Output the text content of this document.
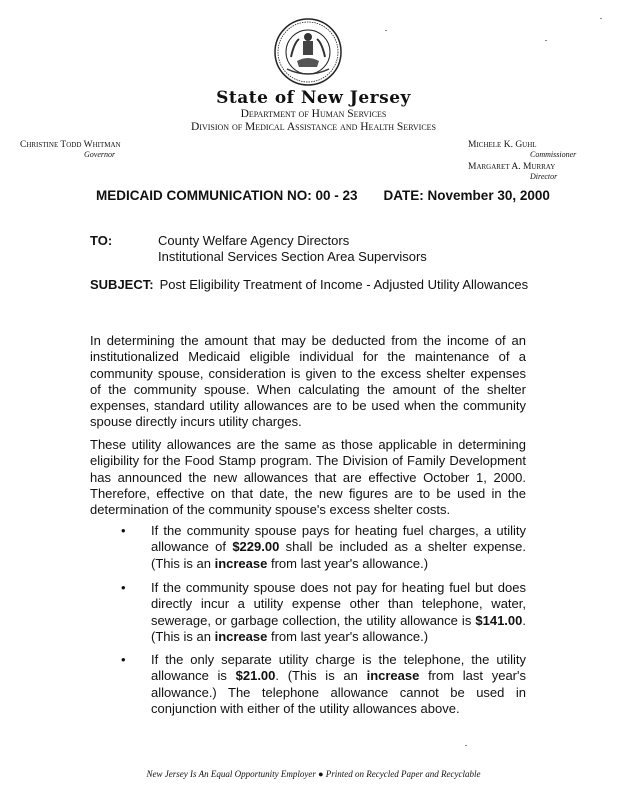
State of New Jersey
Department of Human Services
Division of Medical Assistance and Health Services
Christine Todd Whitman
Governor
Michele K. Guhl
Commissioner
Margaret A. Murray
Director
MEDICAID COMMUNICATION NO: 00 - 23 DATE: November 30, 2000
TO:	County Welfare Agency Directors
Institutional Services Section Area Supervisors
SUBJECT: Post Eligibility Treatment of Income - Adjusted Utility Allowances
In determining the amount that may be deducted from the income of an institutionalized Medicaid eligible individual for the maintenance of a community spouse, consideration is given to the excess shelter expenses of the community spouse. When calculating the amount of the shelter expenses, standard utility allowances are to be used when the community spouse directly incurs utility charges.
These utility allowances are the same as those applicable in determining eligibility for the Food Stamp program. The Division of Family Development has announced the new allowances that are effective October 1, 2000. Therefore, effective on that date, the new figures are to be used in the determination of the community spouse's excess shelter costs.
• If the community spouse pays for heating fuel charges, a utility allowance of $229.00 shall be included as a shelter expense. (This is an increase from last year's allowance.)
• If the community spouse does not pay for heating fuel but does directly incur a utility expense other than telephone, water, sewerage, or garbage collection, the utility allowance is $141.00. (This is an increase from last year's allowance.)
• If the only separate utility charge is the telephone, the utility allowance is $21.00. (This is an increase from last year's allowance.) The telephone allowance cannot be used in conjunction with either of the utility allowances above.
New Jersey Is An Equal Opportunity Employer ● Printed on Recycled Paper and Recyclable
